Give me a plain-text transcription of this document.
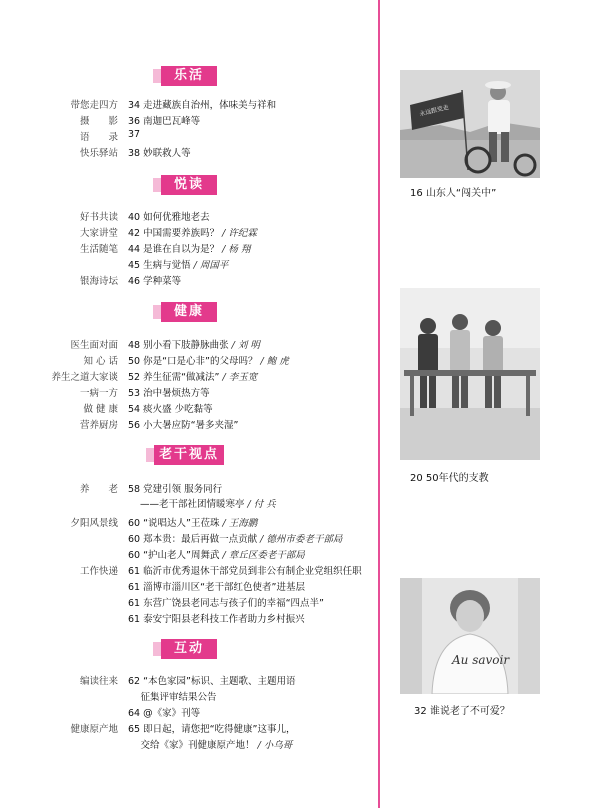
乐活
带您走四方 34 走进藏族自治州，体味美与祥和
摄　　影 36 南迦巴瓦峰等
语　　录 37
快乐驿站 38 妙联救人等
悦读
好书共读 40 如何优雅地老去
大家讲堂 42 中国需要养族吗？ / 许纪霖
生活随笔 44 是谁在自以为是？ / 杨 翔
45 生病与觉悟 / 周国平
银海诗坛 46 学种菜等
健康
医生面对面 48 别小看下肢静脉曲张 / 刘 明
知 心 话 50 你是“口是心非”的父母吗？ / 鲍 虎
养生之道大家谈 52 养生征需“做减法” / 李玉宽
一病一方 53 治中暑烦热方等
做 健 康 54 痰火盛 少吃黏等
营养厨房 56 小大暑应防“暑多夹湿”
老干视点
养　　老 58 党建引领 服务同行
——老干部社团情暖寒亭 / 付 兵
夕阳风景线 60 “说唱达人”王莅珠 / 王海鹏
60 郑本贵：最后再做一点贡献 / 德州市委老干部局
60 “护山老人”周舞武 / 章丘区委老干部局
工作快递 61 临沂市优秀退休干部党员到非公有制企业党组织任职
61 淄博市淄川区“老干部红色使者”进基层
61 东营广饶县老同志与孩子们的幸福“四点半”
61 泰安宁阳县老科技工作者助力乡村振兴
互动
编读往来 62 “本色家园”标识、主题歌、主题用语
　 征集评审结果公告
64 @《家》刊等
健康原产地 65 即日起，请您把“吃得健康”这事儿，
　 交给《家》刊健康原产地！ / 小乌哥
永远跟党走
16 山东人“闯关中”
20 50年代的支教
Au savoir
32 谁说老了不可爱？
